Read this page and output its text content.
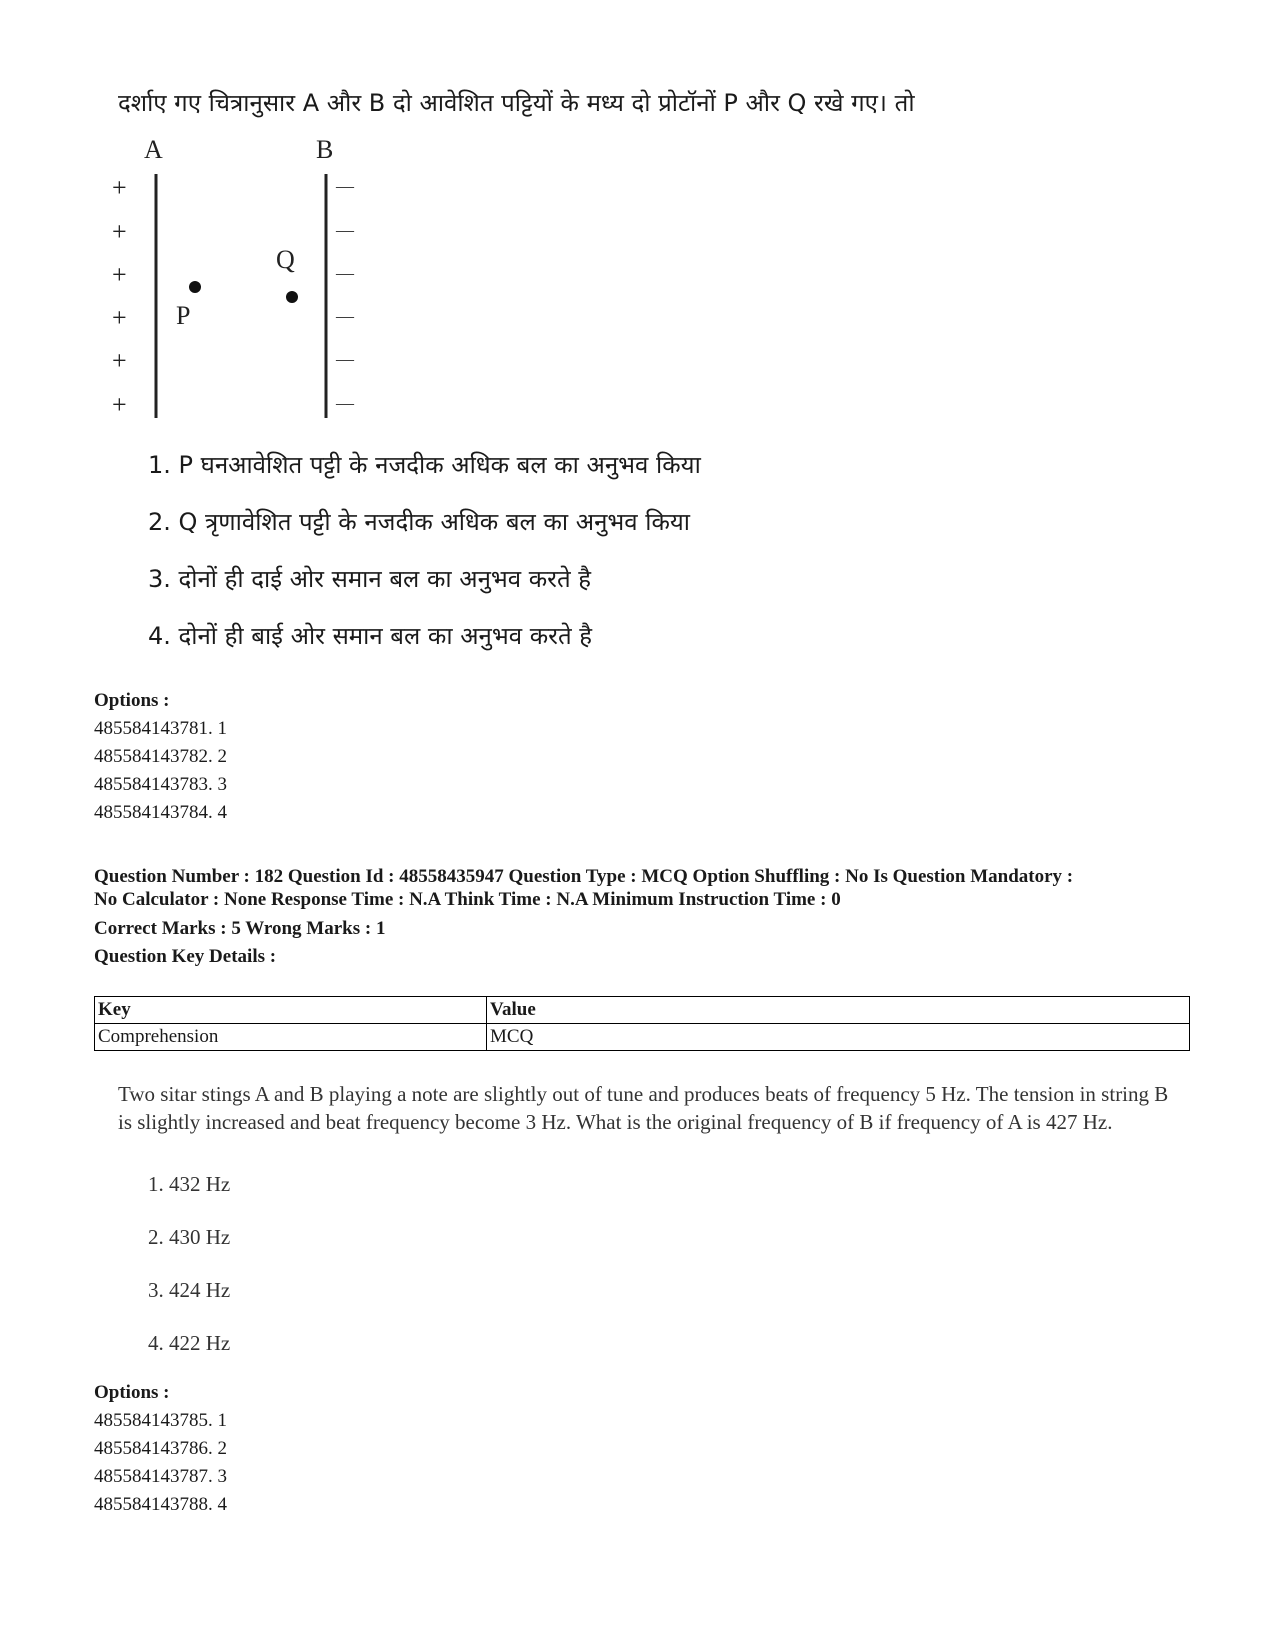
दर्शाए गए चित्रानुसार A और B दो आवेशित पट्टियों के मध्य दो प्रोटॉनों P और Q रखे गए। तो
A	B
+
+
+
+
+
+
—
—
—
—
—
—
P
Q
1. P घनआवेशित पट्टी के नजदीक अधिक बल का अनुभव किया
2. Q त्रृणावेशित पट्टी के नजदीक अधिक बल का अनुभव किया
3. दोनों ही दाई ओर समान बल का अनुभव करते है
4. दोनों ही बाई ओर समान बल का अनुभव करते है
Options :
485584143781. 1
485584143782. 2
485584143783. 3
485584143784. 4
Question Number : 182 Question Id : 48558435947 Question Type : MCQ Option Shuffling : No Is Question Mandatory :
No Calculator : None Response Time : N.A Think Time : N.A Minimum Instruction Time : 0
Correct Marks : 5 Wrong Marks : 1
Question Key Details :
Key	Value
Comprehension	MCQ
Two sitar stings A and B playing a note are slightly out of tune and produces beats of frequency 5 Hz. The tension in string B is slightly increased and beat frequency become 3 Hz. What is the original frequency of B if frequency of A is 427 Hz.
1. 432 Hz
2. 430 Hz
3. 424 Hz
4. 422 Hz
Options :
485584143785. 1
485584143786. 2
485584143787. 3
485584143788. 4
